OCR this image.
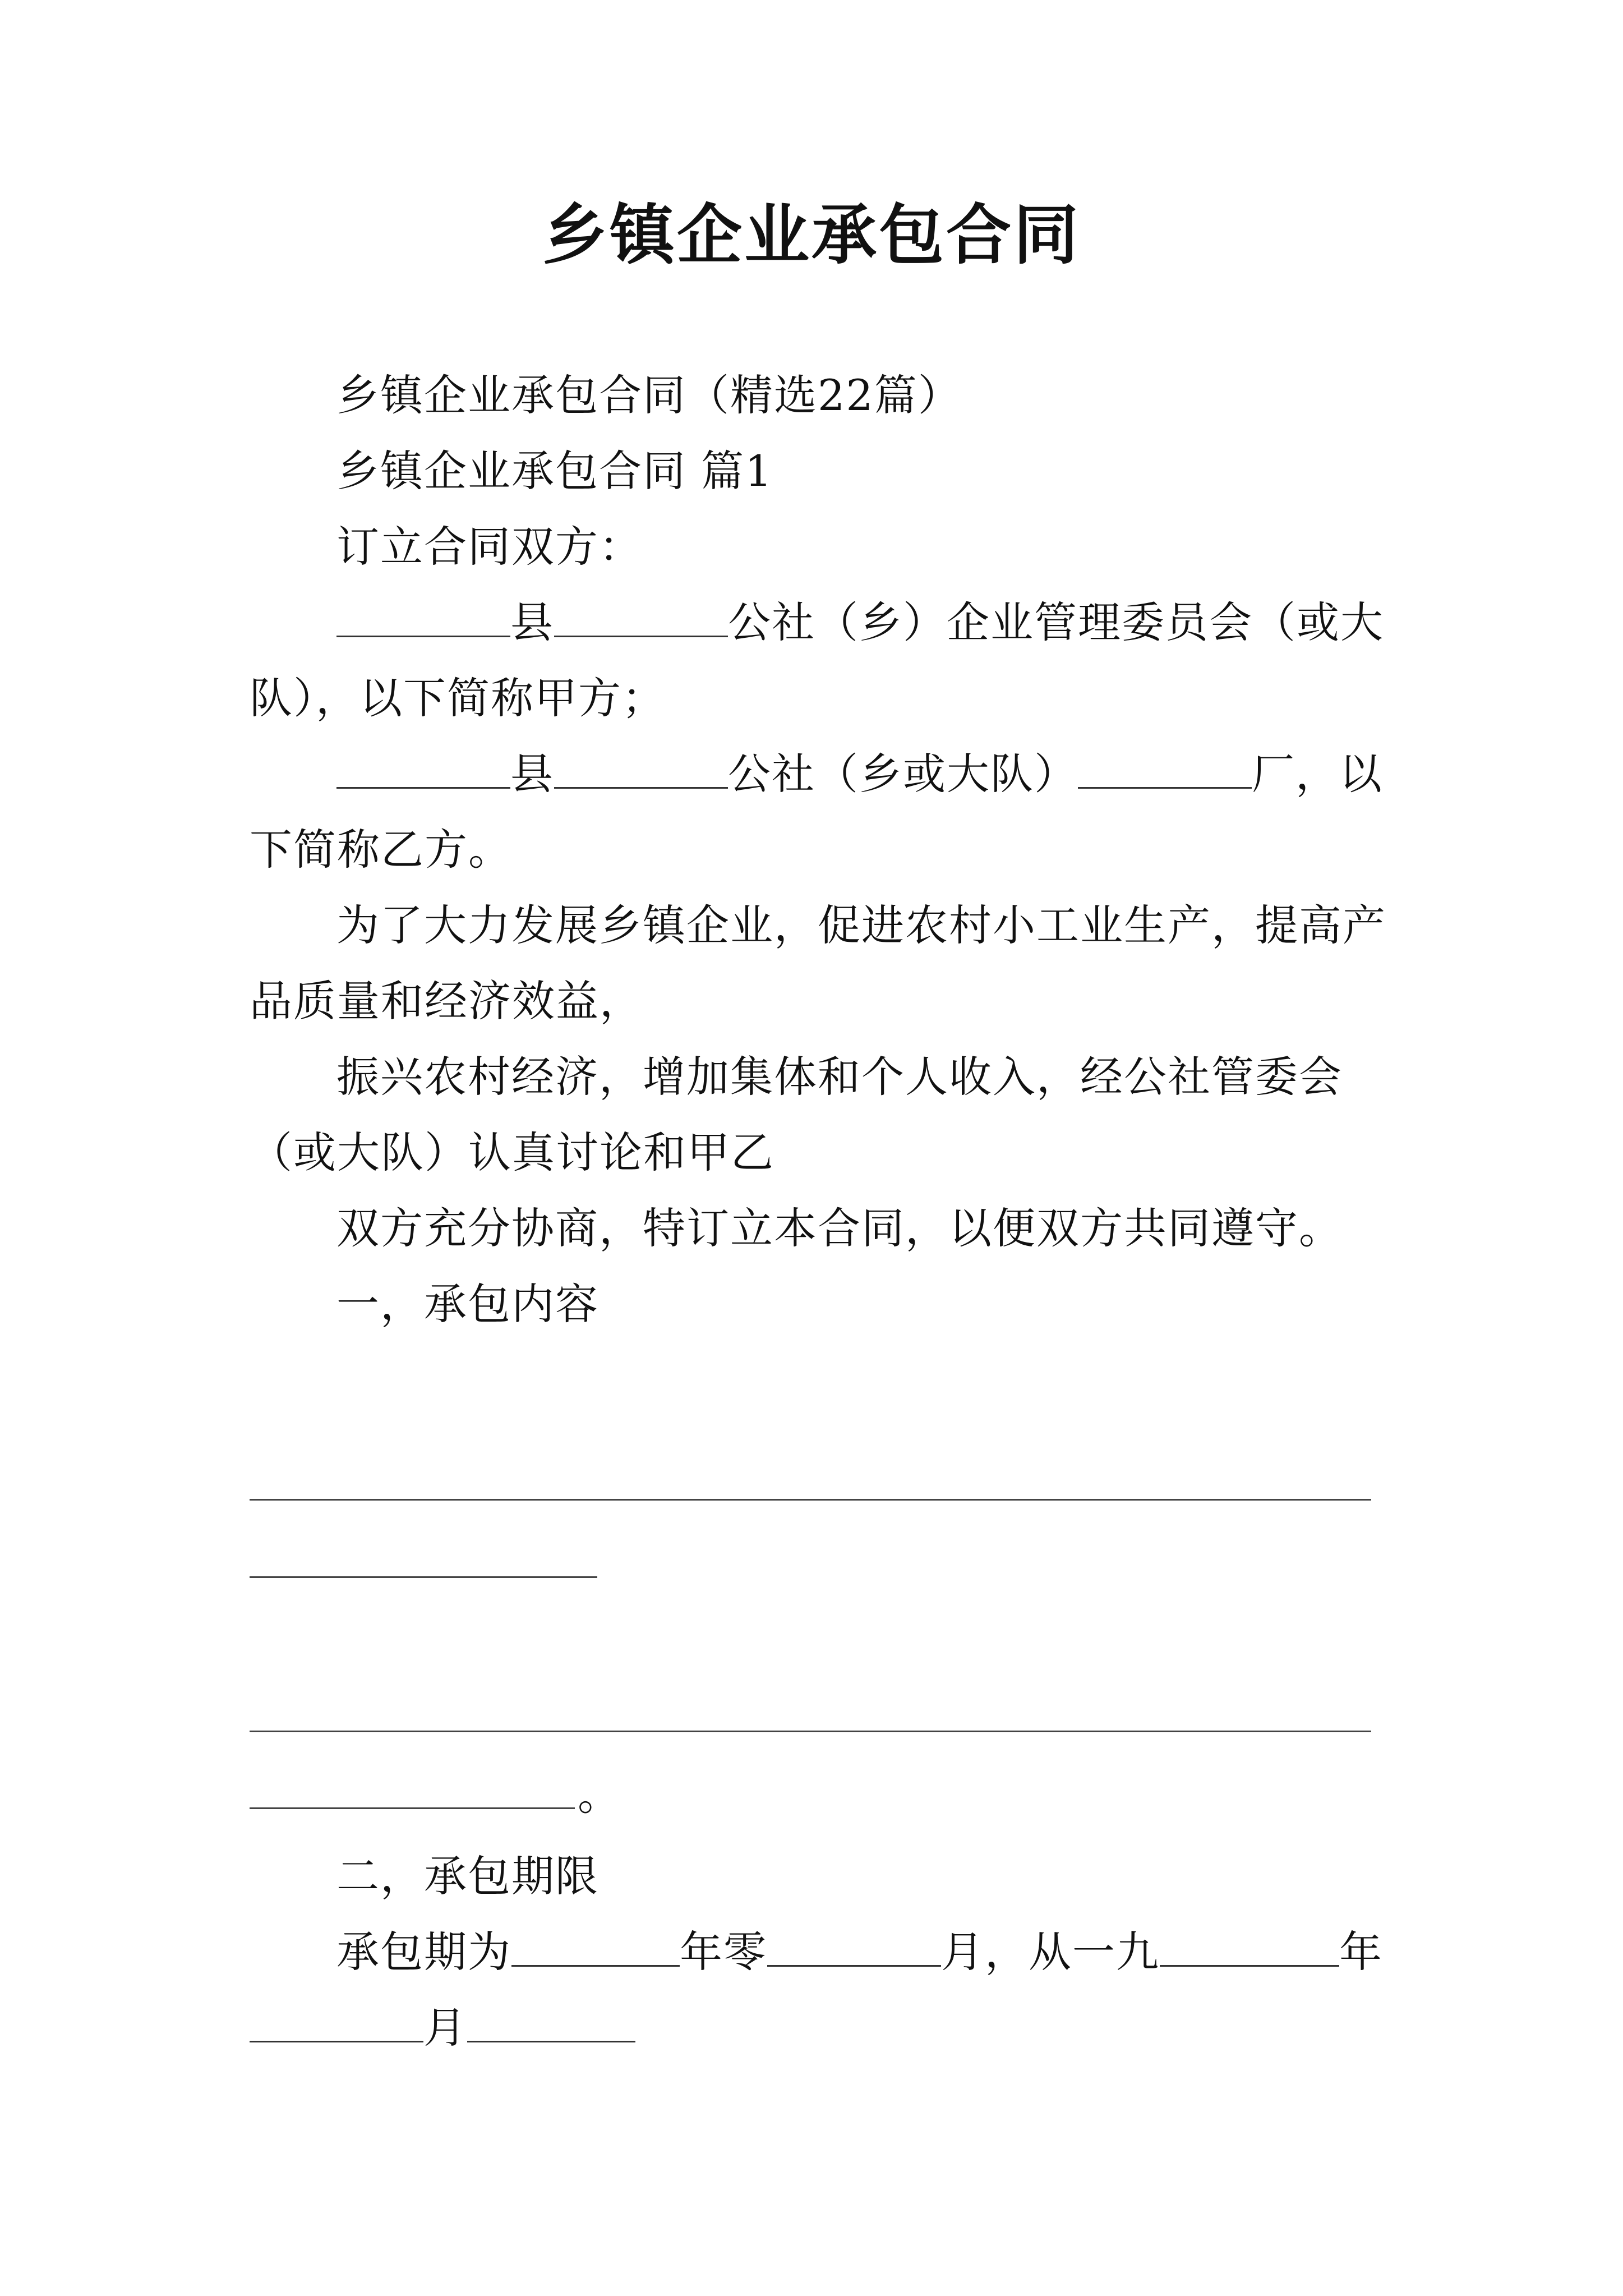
乡镇企业承包合同
乡镇企业承包合同（精选22篇）
乡镇企业承包合同 篇1
订立合同双方：
县	公社（乡）企业管理委员会（或大
队），以下简称甲方；
县	公社（乡或大队）	厂，以
下简称乙方。
为了大力发展乡镇企业，促进农村小工业生产，提高产
品质量和经济效益，
振兴农村经济，增加集体和个人收入，经公社管委会
（或大队）认真讨论和甲乙
双方充分协商，特订立本合同，以便双方共同遵守。
一，承包内容
。
二，承包期限
承包期为	年零	月，从一九	年
月
